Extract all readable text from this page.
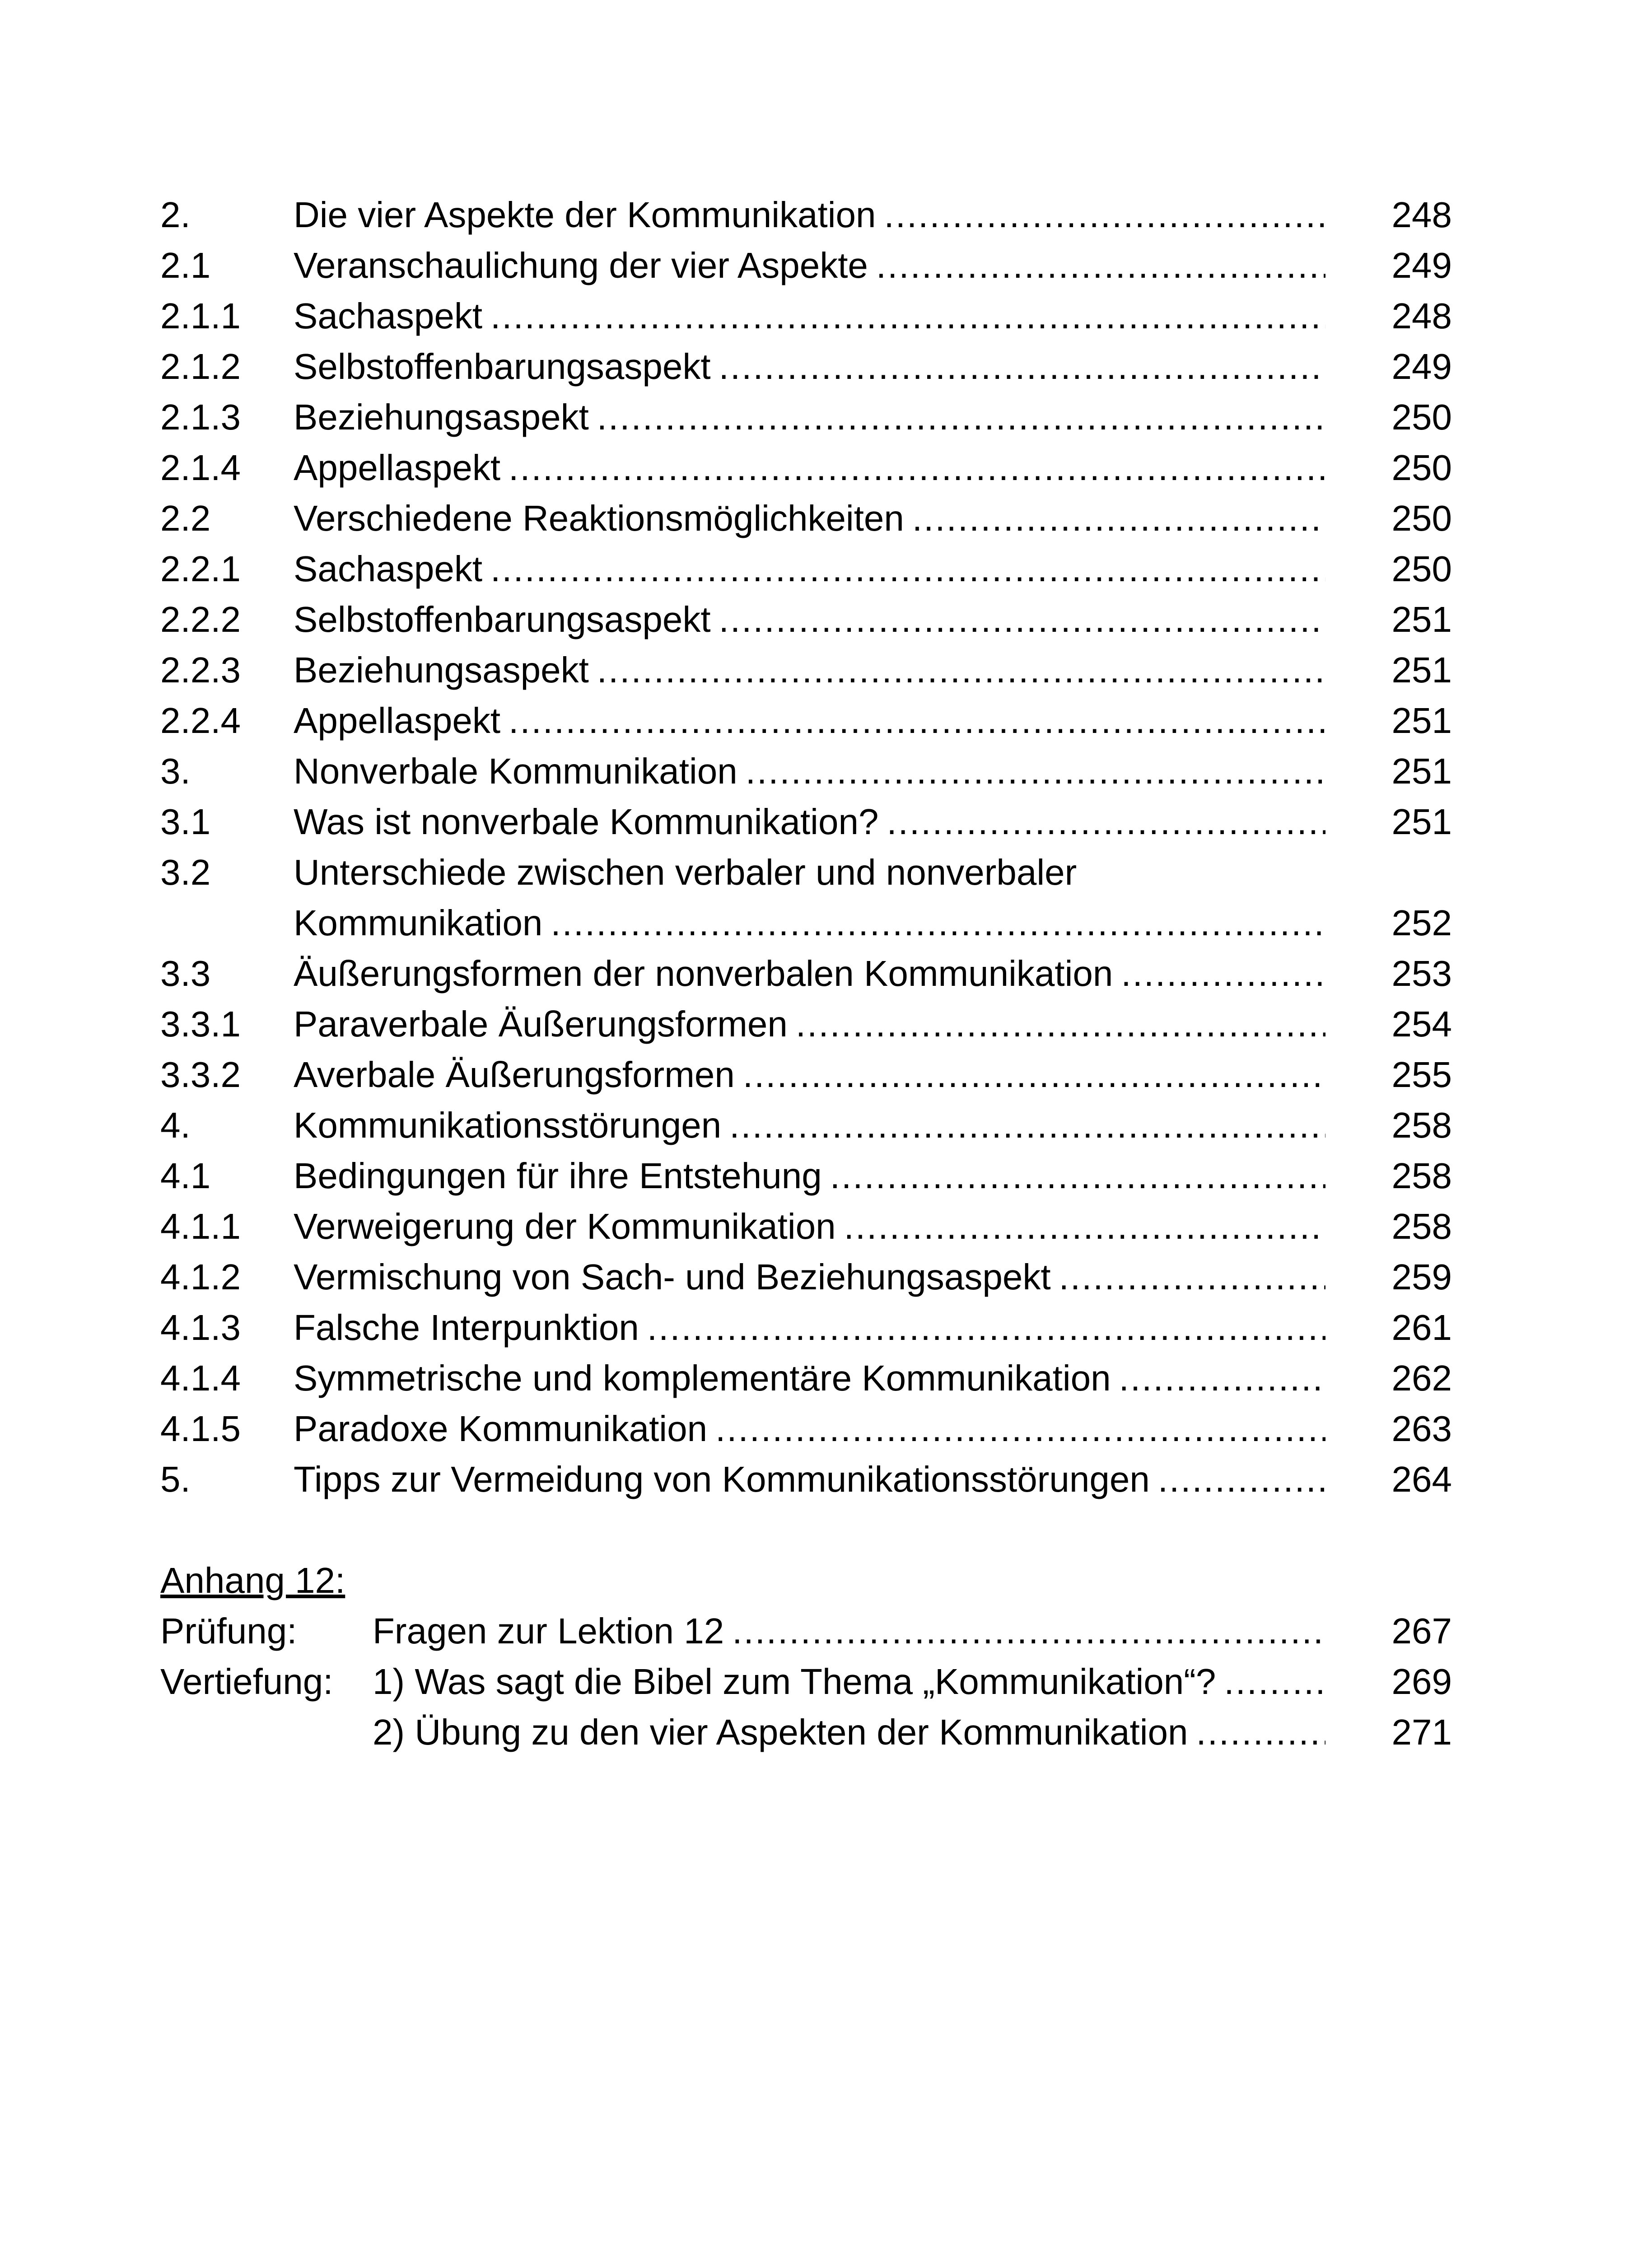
2.	Die vier Aspekte der Kommunikation .....	248
2.1	Veranschaulichung der vier Aspekte .....	249
2.1.1	Sachaspekt .....	248
2.1.2	Selbstoffenbarungsaspekt .....	249
2.1.3	Beziehungsaspekt .....	250
2.1.4	Appellaspekt .....	250
2.2	Verschiedene Reaktionsmöglichkeiten .....	250
2.2.1	Sachaspekt .....	250
2.2.2	Selbstoffenbarungsaspekt .....	251
2.2.3	Beziehungsaspekt .....	251
2.2.4	Appellaspekt .....	251
3.	Nonverbale Kommunikation .....	251
3.1	Was ist nonverbale Kommunikation? .....	251
3.2	Unterschiede zwischen verbaler und nonverbaler
Kommunikation .....	252
3.3	Äußerungsformen der nonverbalen Kommunikation .....	253
3.3.1	Paraverbale Äußerungsformen .....	254
3.3.2	Averbale Äußerungsformen .....	255
4.	Kommunikationsstörungen .....	258
4.1	Bedingungen für ihre Entstehung .....	258
4.1.1	Verweigerung der Kommunikation .....	258
4.1.2	Vermischung von Sach- und Beziehungsaspekt .....	259
4.1.3	Falsche Interpunktion .....	261
4.1.4	Symmetrische und komplementäre Kommunikation .....	262
4.1.5	Paradoxe Kommunikation .....	263
5.	Tipps zur Vermeidung von Kommunikationsstörungen .....	264
Anhang 12:
Prüfung:	Fragen zur Lektion 12 .....	267
Vertiefung:	1) Was sagt die Bibel zum Thema „Kommunikation“? .....	269
2) Übung zu den vier Aspekten der Kommunikation .....	271
